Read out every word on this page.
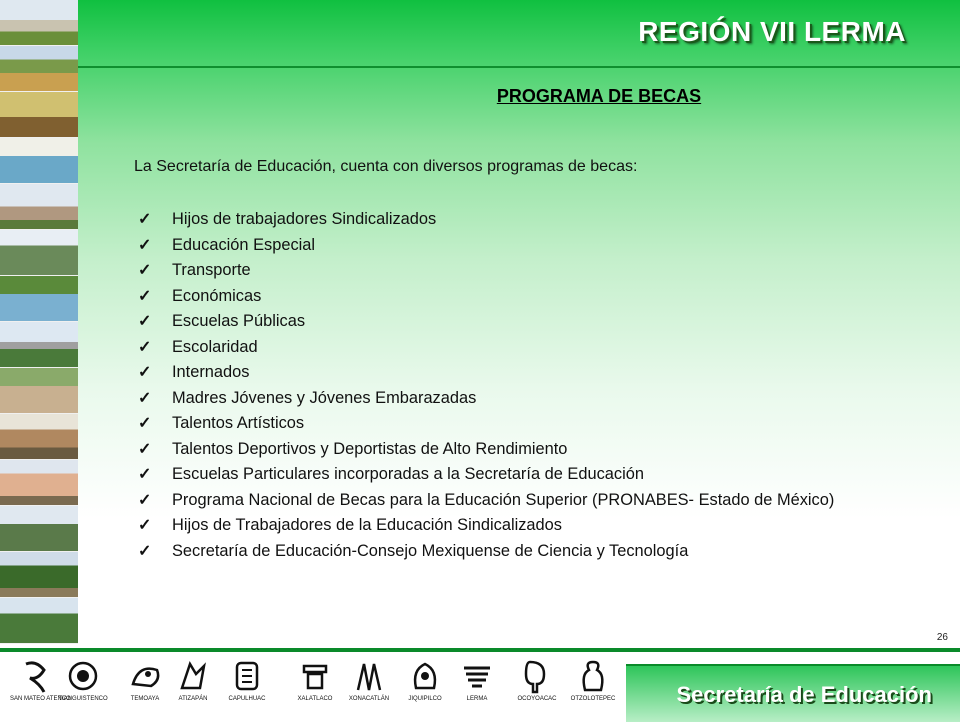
REGIÓN VII LERMA
PROGRAMA DE BECAS
La Secretaría de Educación, cuenta con diversos programas de becas:
✓ Hijos de trabajadores Sindicalizados
✓ Educación Especial
✓ Transporte
✓ Económicas
✓ Escuelas Públicas
✓ Escolaridad
✓ Internados
✓ Madres Jóvenes y Jóvenes Embarazadas
✓ Talentos Artísticos
✓ Talentos Deportivos y Deportistas de Alto Rendimiento
✓ Escuelas Particulares incorporadas a la Secretaría de Educación
✓ Programa Nacional de Becas para la Educación Superior (PRONABES- Estado de México)
✓ Hijos de Trabajadores de la Educación Sindicalizados
✓ Secretaría de Educación-Consejo Mexiquense de Ciencia y Tecnología
26
SAN MATEO ATENCO
TIANGUISTENCO	TEMOAYA	ATIZAPÁN	CAPULHUAC	XALATLACO	XONACATLÁN	JIQUIPILCO	LERMA	OCOYOACAC	OTZOLOTEPEC	Secretaría de Educación
